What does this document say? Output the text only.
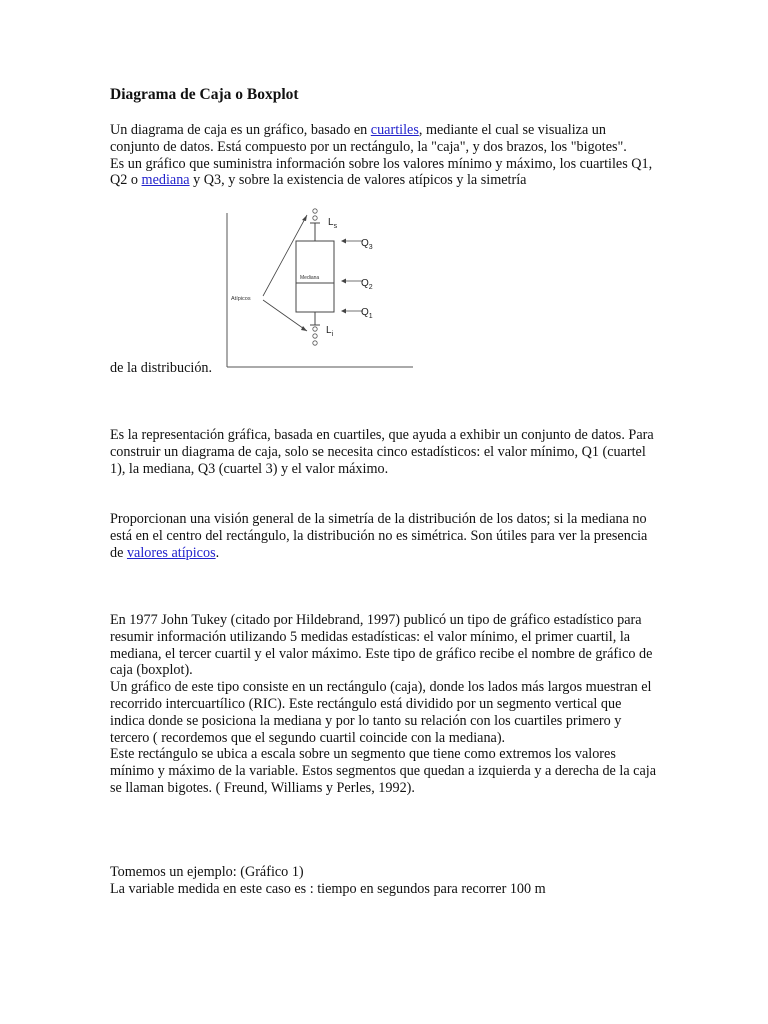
Diagrama de Caja o Boxplot

Un diagrama de caja es un gráfico, basado en cuartiles, mediante el cual se visualiza un conjunto de datos. Está compuesto por un rectángulo, la "caja", y dos brazos, los "bigotes".
Es un gráfico que suministra información sobre los valores mínimo y máximo, los cuartiles Q1, Q2 o mediana y Q3, y sobre la existencia de valores atípicos y la simetría

$L_s$
$Q_3$
Mediana	$Q_2$
Atípicos
$Q_1$
$L_i$

de la distribución.

Es la representación gráfica, basada en cuartiles, que ayuda a exhibir un conjunto de datos. Para construir un diagrama de caja, solo se necesita cinco estadísticos: el valor mínimo, Q1 (cuartel 1), la mediana, Q3 (cuartel 3) y el valor máximo.

Proporcionan una visión general de la simetría de la distribución de los datos; si la mediana no está en el centro del rectángulo, la distribución no es simétrica. Son útiles para ver la presencia de valores atípicos.

En 1977 John Tukey (citado por Hildebrand, 1997) publicó un tipo de gráfico estadístico para resumir información utilizando 5 medidas estadísticas: el valor mínimo, el primer cuartil, la mediana, el tercer cuartil y el valor máximo. Este tipo de gráfico recibe el nombre de gráfico de caja (boxplot).
Un gráfico de este tipo consiste en un rectángulo (caja), donde los lados más largos muestran el recorrido intercuartílico (RIC). Este rectángulo está dividido por un segmento vertical que indica donde se posiciona la mediana y por lo tanto su relación con los cuartiles primero y tercero ( recordemos que el segundo cuartil coincide con la mediana).
Este rectángulo se ubica a escala sobre un segmento que tiene como extremos los valores mínimo y máximo de la variable. Estos segmentos que quedan a izquierda y a derecha de la caja se llaman bigotes. ( Freund, Williams y Perles, 1992).

Tomemos un ejemplo: (Gráfico 1)
La variable medida en este caso es : tiempo en segundos para recorrer 100 m
